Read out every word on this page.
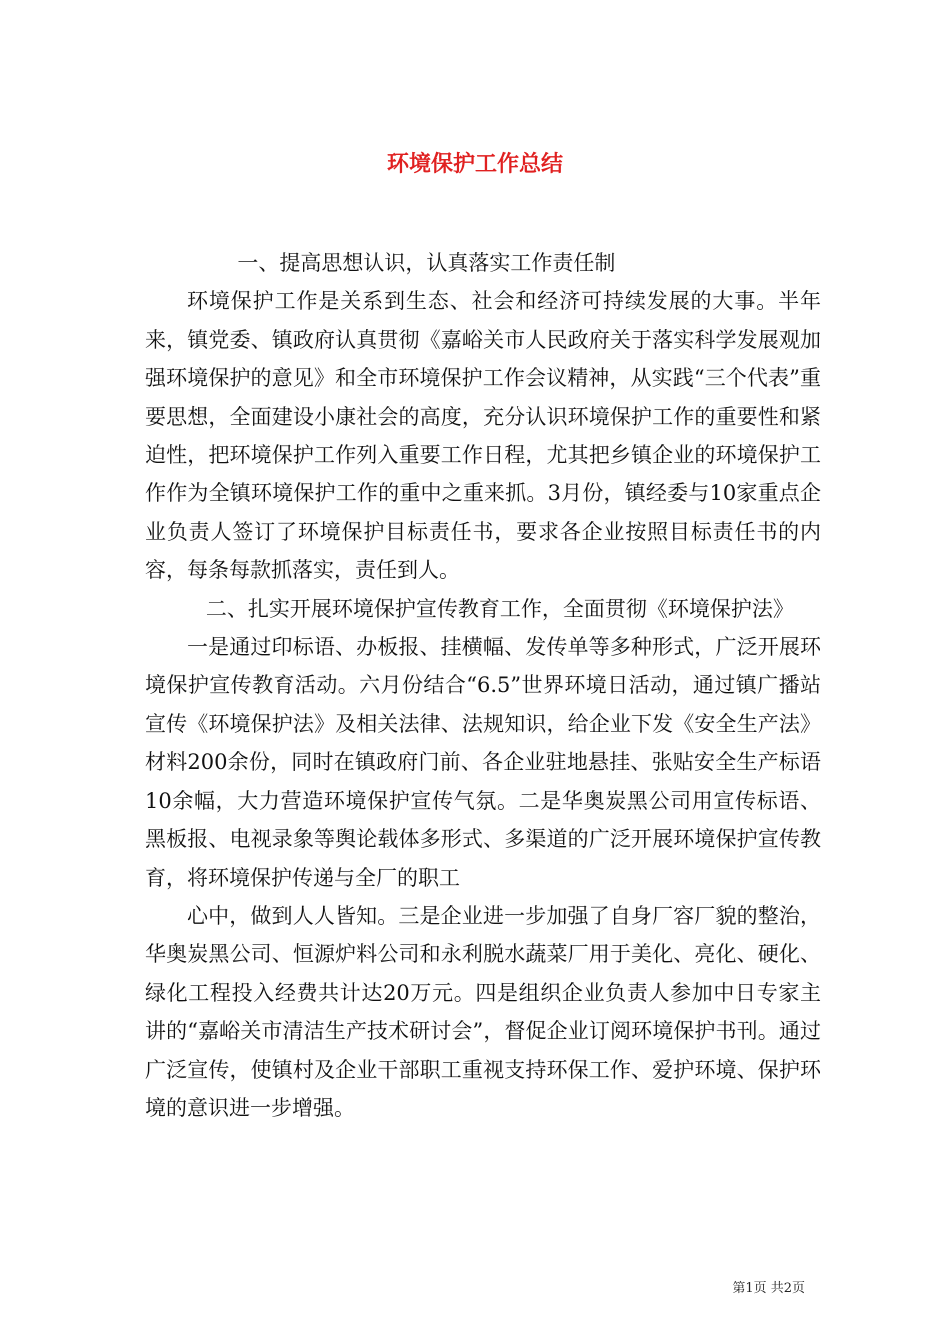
环境保护工作总结

一、提高思想认识，认真落实工作责任制

环境保护工作是关系到生态、社会和经济可持续发展的大事。半年来，镇党委、镇政府认真贯彻《嘉峪关市人民政府关于落实科学发展观加强环境保护的意见》和全市环境保护工作会议精神，从实践“三个代表”重要思想，全面建设小康社会的高度，充分认识环境保护工作的重要性和紧迫性，把环境保护工作列入重要工作日程，尤其把乡镇企业的环境保护工作作为全镇环境保护工作的重中之重来抓。3月份，镇经委与10家重点企业负责人签订了环境保护目标责任书，要求各企业按照目标责任书的内容，每条每款抓落实，责任到人。

二、扎实开展环境保护宣传教育工作，全面贯彻《环境保护法》

一是通过印标语、办板报、挂横幅、发传单等多种形式，广泛开展环境保护宣传教育活动。六月份结合“6.5”世界环境日活动，通过镇广播站宣传《环境保护法》及相关法律、法规知识，给企业下发《安全生产法》材料200余份，同时在镇政府门前、各企业驻地悬挂、张贴安全生产标语10余幅，大力营造环境保护宣传气氛。二是华奥炭黑公司用宣传标语、黑板报、电视录象等舆论载体多形式、多渠道的广泛开展环境保护宣传教育，将环境保护传递与全厂的职工

心中，做到人人皆知。三是企业进一步加强了自身厂容厂貌的整治，华奥炭黑公司、恒源炉料公司和永利脱水蔬菜厂用于美化、亮化、硬化、绿化工程投入经费共计达20万元。四是组织企业负责人参加中日专家主讲的“嘉峪关市清洁生产技术研讨会”，督促企业订阅环境保护书刊。通过广泛宣传，使镇村及企业干部职工重视支持环保工作、爱护环境、保护环境的意识进一步增强。

第1页 共2页
